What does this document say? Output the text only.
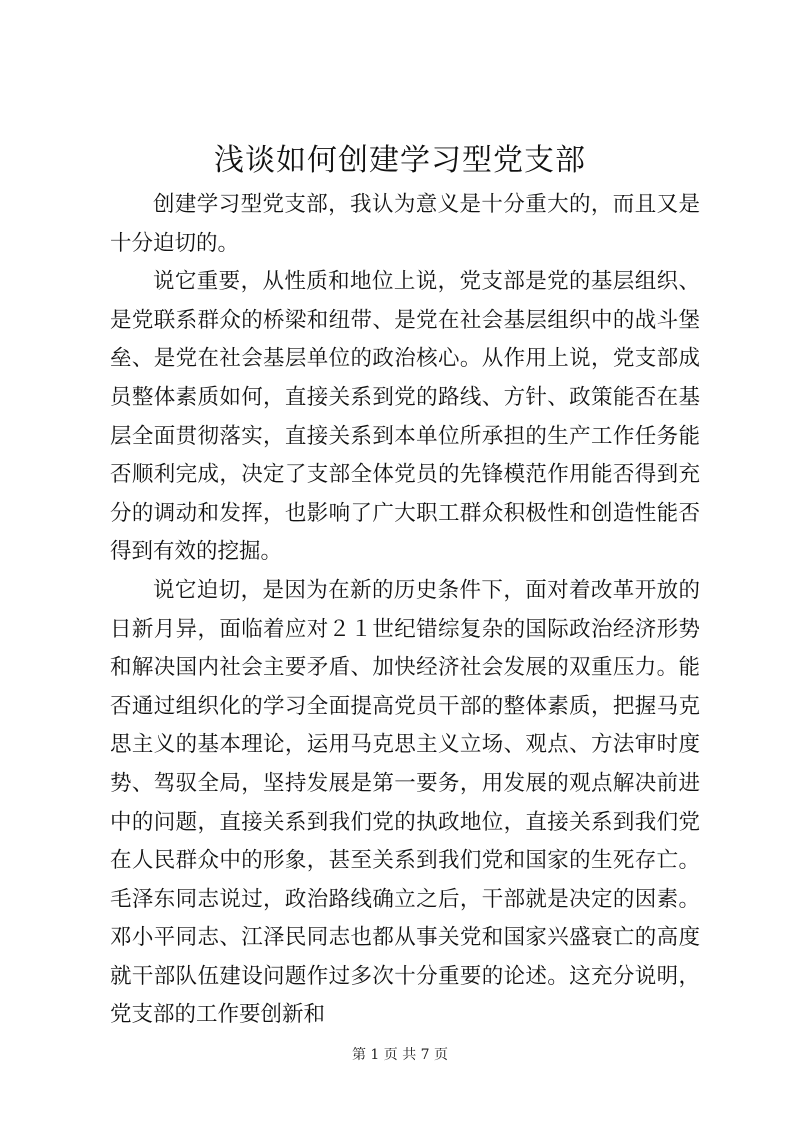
浅谈如何创建学习型党支部

创建学习型党支部，我认为意义是十分重大的，而且又是十分迫切的。

说它重要，从性质和地位上说，党支部是党的基层组织、是党联系群众的桥梁和纽带、是党在社会基层组织中的战斗堡垒、是党在社会基层单位的政治核心。从作用上说，党支部成员整体素质如何，直接关系到党的路线、方针、政策能否在基层全面贯彻落实，直接关系到本单位所承担的生产工作任务能否顺利完成，决定了支部全体党员的先锋模范作用能否得到充分的调动和发挥，也影响了广大职工群众积极性和创造性能否得到有效的挖掘。

说它迫切，是因为在新的历史条件下，面对着改革开放的日新月异，面临着应对２１世纪错综复杂的国际政治经济形势和解决国内社会主要矛盾、加快经济社会发展的双重压力。能否通过组织化的学习全面提高党员干部的整体素质，把握马克思主义的基本理论，运用马克思主义立场、观点、方法审时度势、驾驭全局，坚持发展是第一要务，用发展的观点解决前进中的问题，直接关系到我们党的执政地位，直接关系到我们党在人民群众中的形象，甚至关系到我们党和国家的生死存亡。毛泽东同志说过，政治路线确立之后，干部就是决定的因素。邓小平同志、江泽民同志也都从事关党和国家兴盛衰亡的高度就干部队伍建设问题作过多次十分重要的论述。这充分说明，党支部的工作要创新和

第 1 页 共 7 页
